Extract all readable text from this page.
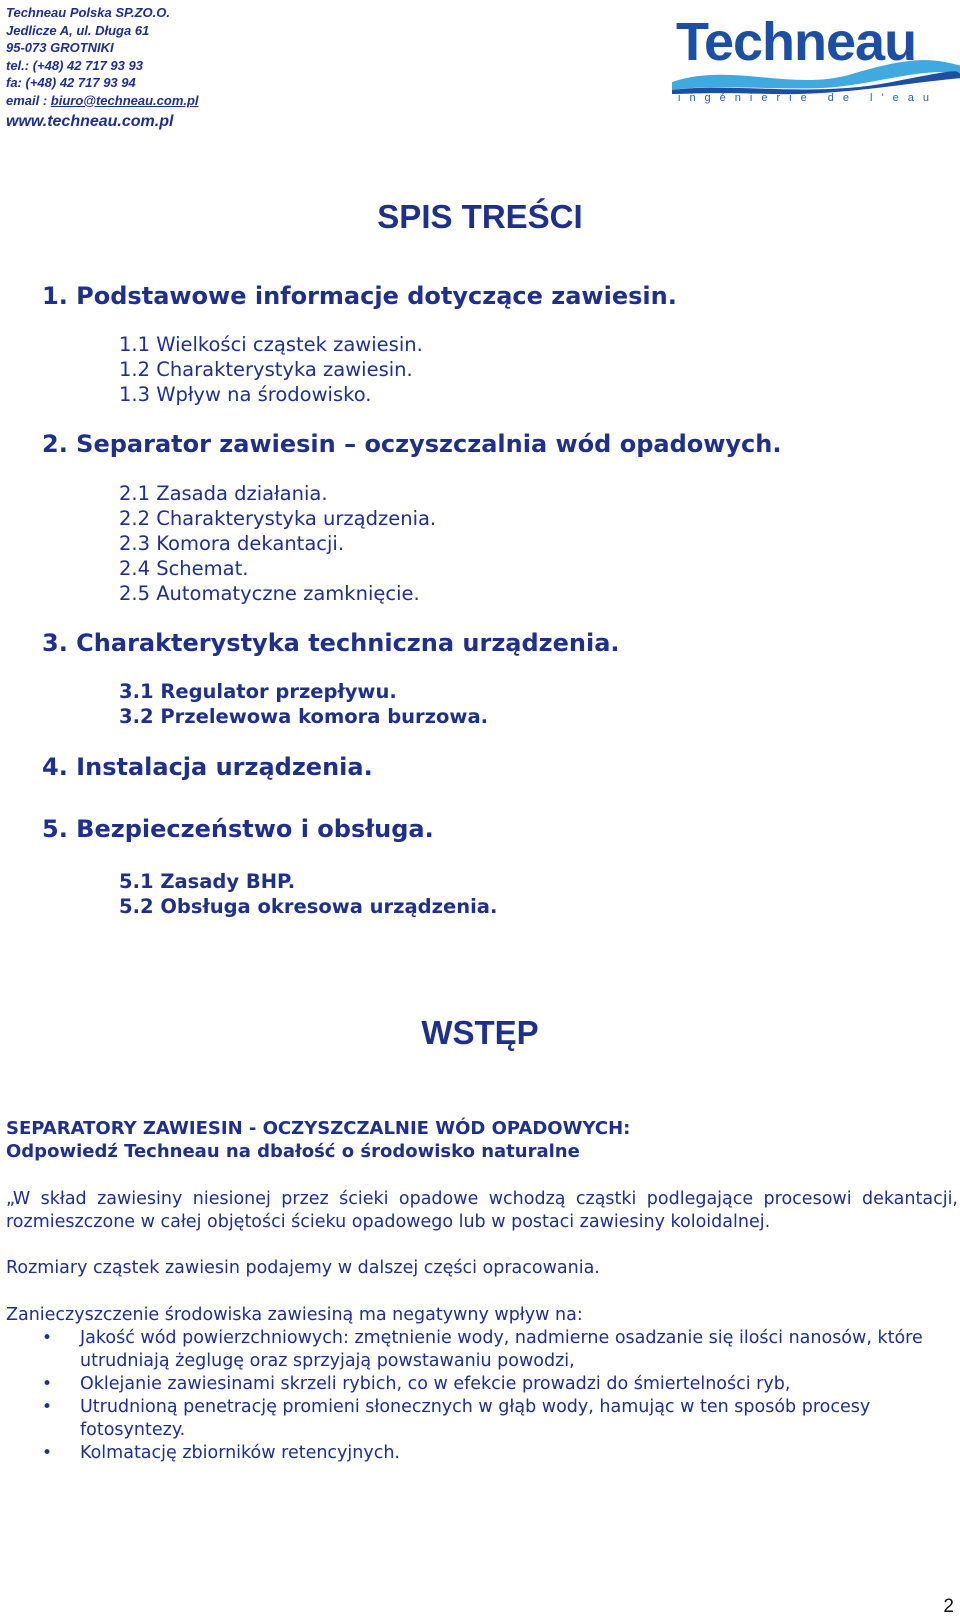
Techneau Polska SP.ZO.O.
Jedlicze A, ul. Długa 61
95-073 GROTNIKI
tel.: (+48) 42 717 93 93
fa: (+48) 42 717 93 94
email : biuro@techneau.com.pl
www.techneau.com.pl
Techneau
ingénierie de l'eau
SPIS TREŚCI
1. Podstawowe informacje dotyczące zawiesin.
1.1 Wielkości cząstek zawiesin.
1.2 Charakterystyka zawiesin.
1.3 Wpływ na środowisko.
2. Separator zawiesin – oczyszczalnia wód opadowych.
2.1 Zasada działania.
2.2 Charakterystyka urządzenia.
2.3 Komora dekantacji.
2.4 Schemat.
2.5 Automatyczne zamknięcie.
3. Charakterystyka techniczna urządzenia.
3.1 Regulator przepływu.
3.2 Przelewowa komora burzowa.
4. Instalacja urządzenia.
5. Bezpieczeństwo i obsługa.
5.1 Zasady BHP.
5.2 Obsługa okresowa urządzenia.
WSTĘP
SEPARATORY ZAWIESIN - OCZYSZCZALNIE WÓD OPADOWYCH:
Odpowiedź Techneau na dbałość o środowisko naturalne
„W skład zawiesiny niesionej przez ścieki opadowe wchodzą cząstki podlegające procesowi dekantacji, rozmieszczone w całej objętości ścieku opadowego lub w postaci zawiesiny koloidalnej.
Rozmiary cząstek zawiesin podajemy w dalszej części opracowania.
Zanieczyszczenie środowiska zawiesiną ma negatywny wpływ na:
• Jakość wód powierzchniowych: zmętnienie wody, nadmierne osadzanie się ilości nanosów, które utrudniają żeglugę oraz sprzyjają powstawaniu powodzi,
• Oklejanie zawiesinami skrzeli rybich, co w efekcie prowadzi do śmiertelności ryb,
• Utrudnioną penetrację promieni słonecznych w głąb wody, hamując w ten sposób procesy fotosyntezy.
• Kolmatację zbiorników retencyjnych.
2
